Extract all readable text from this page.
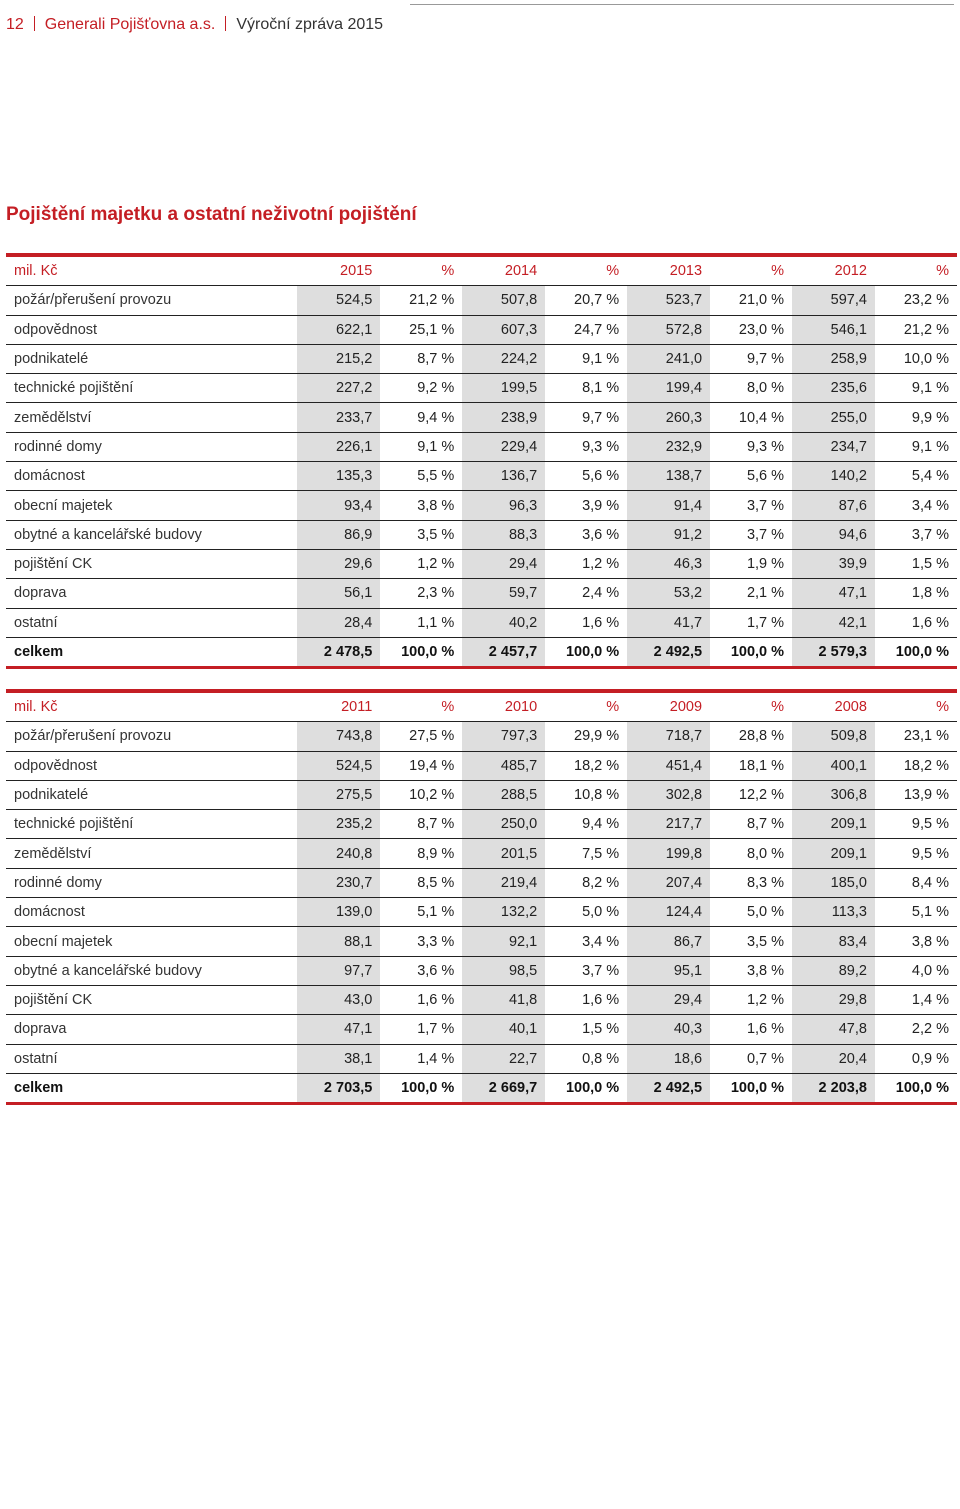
12 Generali Pojišťovna a.s. Výroční zpráva 2015
Pojištění majetku a ostatní neživotní pojištění
mil. Kč	2015	%	2014	%	2013	%	2012	%
požár/přerušení provozu	524,5	21,2 %	507,8	20,7 %	523,7	21,0 %	597,4	23,2 %
odpovědnost	622,1	25,1 %	607,3	24,7 %	572,8	23,0 %	546,1	21,2 %
podnikatelé	215,2	8,7 %	224,2	9,1 %	241,0	9,7 %	258,9	10,0 %
technické pojištění	227,2	9,2 %	199,5	8,1 %	199,4	8,0 %	235,6	9,1 %
zemědělství	233,7	9,4 %	238,9	9,7 %	260,3	10,4 %	255,0	9,9 %
rodinné domy	226,1	9,1 %	229,4	9,3 %	232,9	9,3 %	234,7	9,1 %
domácnost	135,3	5,5 %	136,7	5,6 %	138,7	5,6 %	140,2	5,4 %
obecní majetek	93,4	3,8 %	96,3	3,9 %	91,4	3,7 %	87,6	3,4 %
obytné a kancelářské budovy	86,9	3,5 %	88,3	3,6 %	91,2	3,7 %	94,6	3,7 %
pojištění CK	29,6	1,2 %	29,4	1,2 %	46,3	1,9 %	39,9	1,5 %
doprava	56,1	2,3 %	59,7	2,4 %	53,2	2,1 %	47,1	1,8 %
ostatní	28,4	1,1 %	40,2	1,6 %	41,7	1,7 %	42,1	1,6 %
celkem	2 478,5	100,0 %	2 457,7	100,0 %	2 492,5	100,0 %	2 579,3	100,0 %
mil. Kč	2011	%	2010	%	2009	%	2008	%
požár/přerušení provozu	743,8	27,5 %	797,3	29,9 %	718,7	28,8 %	509,8	23,1 %
odpovědnost	524,5	19,4 %	485,7	18,2 %	451,4	18,1 %	400,1	18,2 %
podnikatelé	275,5	10,2 %	288,5	10,8 %	302,8	12,2 %	306,8	13,9 %
technické pojištění	235,2	8,7 %	250,0	9,4 %	217,7	8,7 %	209,1	9,5 %
zemědělství	240,8	8,9 %	201,5	7,5 %	199,8	8,0 %	209,1	9,5 %
rodinné domy	230,7	8,5 %	219,4	8,2 %	207,4	8,3 %	185,0	8,4 %
domácnost	139,0	5,1 %	132,2	5,0 %	124,4	5,0 %	113,3	5,1 %
obecní majetek	88,1	3,3 %	92,1	3,4 %	86,7	3,5 %	83,4	3,8 %
obytné a kancelářské budovy	97,7	3,6 %	98,5	3,7 %	95,1	3,8 %	89,2	4,0 %
pojištění CK	43,0	1,6 %	41,8	1,6 %	29,4	1,2 %	29,8	1,4 %
doprava	47,1	1,7 %	40,1	1,5 %	40,3	1,6 %	47,8	2,2 %
ostatní	38,1	1,4 %	22,7	0,8 %	18,6	0,7 %	20,4	0,9 %
celkem	2 703,5	100,0 %	2 669,7	100,0 %	2 492,5	100,0 %	2 203,8	100,0 %
